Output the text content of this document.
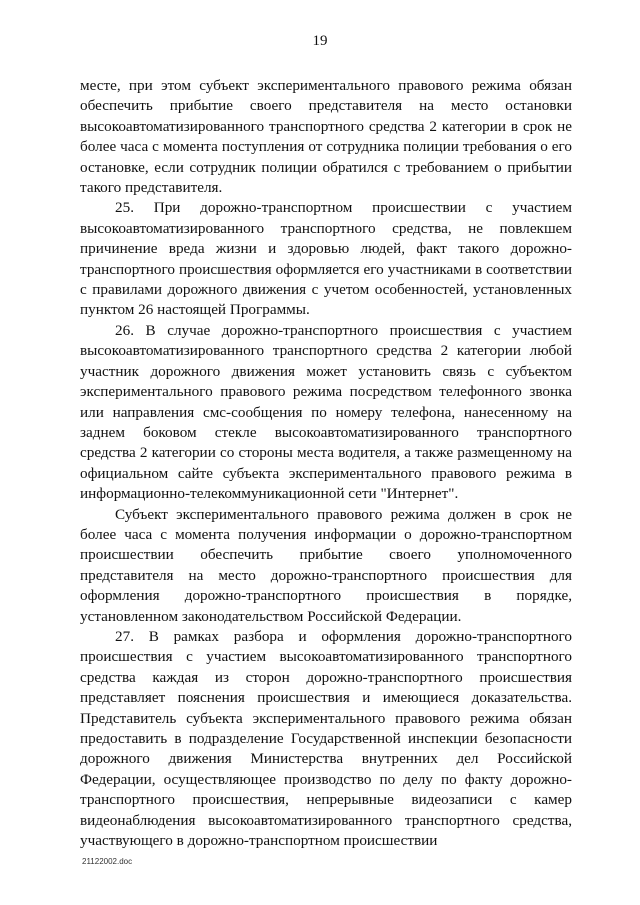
19

месте, при этом субъект экспериментального правового режима обязан обеспечить прибытие своего представителя на место остановки высокоавтоматизированного транспортного средства 2 категории в срок не более часа с момента поступления от сотрудника полиции требования о его остановке, если сотрудник полиции обратился с требованием о прибытии такого представителя.

25. При дорожно-транспортном происшествии с участием высокоавтоматизированного транспортного средства, не повлекшем причинение вреда жизни и здоровью людей, факт такого дорожно-транспортного происшествия оформляется его участниками в соответствии с правилами дорожного движения с учетом особенностей, установленных пунктом 26 настоящей Программы.

26. В случае дорожно-транспортного происшествия с участием высокоавтоматизированного транспортного средства 2 категории любой участник дорожного движения может установить связь с субъектом экспериментального правового режима посредством телефонного звонка или направления смс-сообщения по номеру телефона, нанесенному на заднем боковом стекле высокоавтоматизированного транспортного средства 2 категории со стороны места водителя, а также размещенному на официальном сайте субъекта экспериментального правового режима в информационно-телекоммуникационной сети "Интернет".

Субъект экспериментального правового режима должен в срок не более часа с момента получения информации о дорожно-транспортном происшествии обеспечить прибытие своего уполномоченного представителя на место дорожно-транспортного происшествия для оформления дорожно-транспортного происшествия в порядке, установленном законодательством Российской Федерации.

27. В рамках разбора и оформления дорожно-транспортного происшествия с участием высокоавтоматизированного транспортного средства каждая из сторон дорожно-транспортного происшествия представляет пояснения происшествия и имеющиеся доказательства. Представитель субъекта экспериментального правового режима обязан предоставить в подразделение Государственной инспекции безопасности дорожного движения Министерства внутренних дел Российской Федерации, осуществляющее производство по делу по факту дорожно-транспортного происшествия, непрерывные видеозаписи с камер видеонаблюдения высокоавтоматизированного транспортного средства, участвующего в дорожно-транспортном происшествии

21122002.doc
